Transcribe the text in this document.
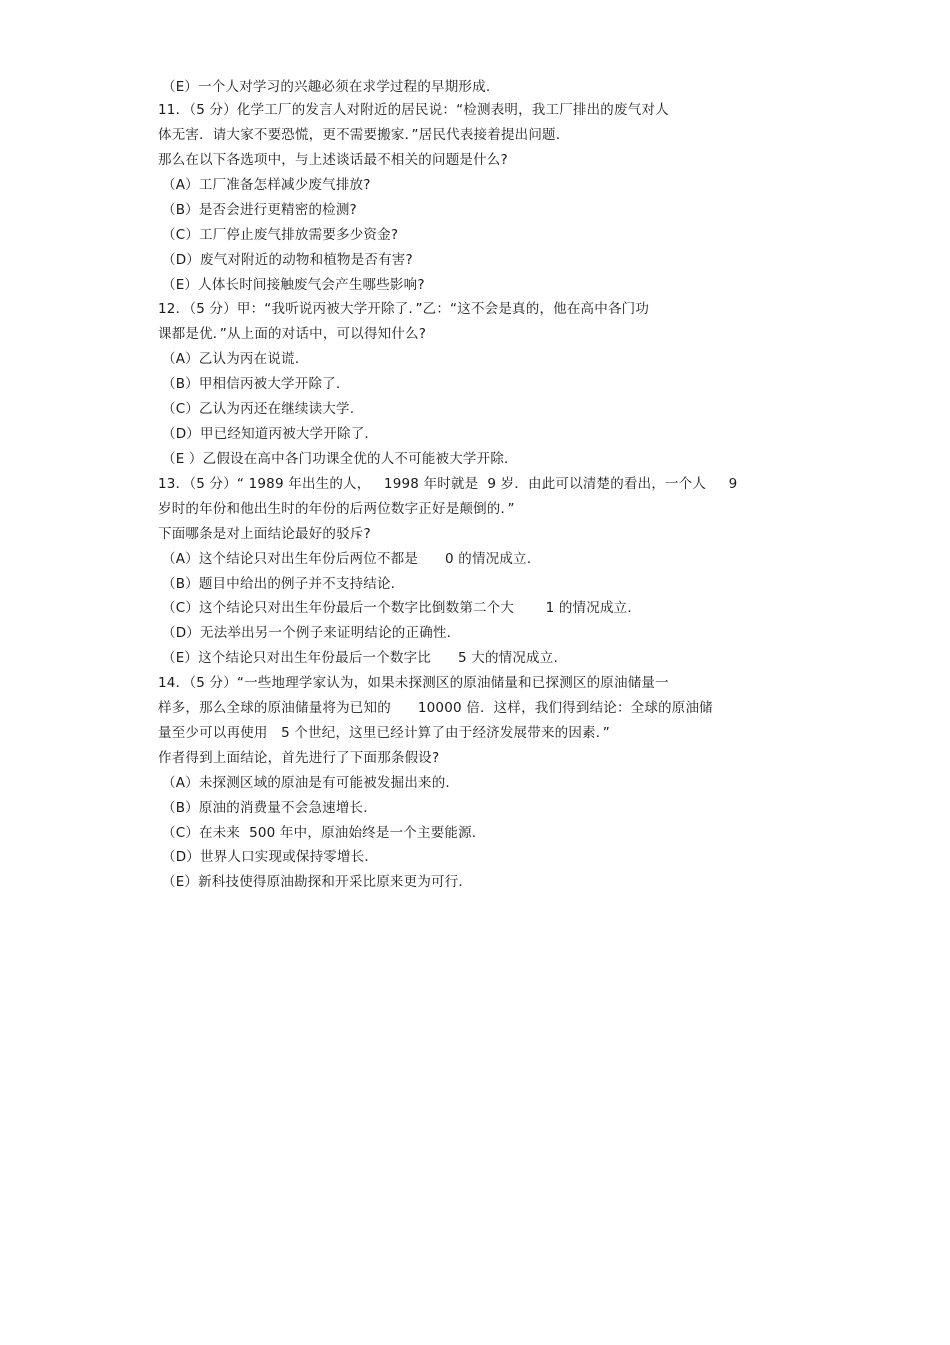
（E）一个人对学习的兴趣必须在求学过程的早期形成.
11．（5 分）化学工厂的发言人对附近的居民说：“检测表明，我工厂排出的废气对人
体无害．请大家不要恐慌，更不需要搬家．”居民代表接着提出问题.
那么在以下各选项中，与上述谈话最不相关的问题是什么?
（A）工厂准备怎样减少废气排放?
（B）是否会进行更精密的检测?
（C）工厂停止废气排放需要多少资金?
（D）废气对附近的动物和植物是否有害?
（E）人体长时间接触废气会产生哪些影响?
12．（5 分）甲：“我听说丙被大学开除了．”乙：“这不会是真的，他在高中各门功
课都是优．”从上面的对话中，可以得知什么?
（A）乙认为丙在说谎.
（B）甲相信丙被大学开除了.
（C）乙认为丙还在继续读大学.
（D）甲已经知道丙被大学开除了.
（E ）乙假设在高中各门功课全优的人不可能被大学开除.
13．（5 分）“ 1989 年出生的人，   1998 年时就是  9 岁．由此可以清楚的看出，一个人     9
岁时的年份和他出生时的年份的后两位数字正好是颠倒的．”
下面哪条是对上面结论最好的驳斥?
（A）这个结论只对出生年份后两位不都是      0 的情况成立.
（B）题目中给出的例子并不支持结论.
（C）这个结论只对出生年份最后一个数字比倒数第二个大       1 的情况成立.
（D）无法举出另一个例子来证明结论的正确性.
（E）这个结论只对出生年份最后一个数字比      5 大的情况成立.
14．（5 分）“一些地理学家认为，如果未探测区的原油储量和已探测区的原油储量一
样多，那么全球的原油储量将为已知的      10000 倍．这样，我们得到结论：全球的原油储
量至少可以再使用   5 个世纪，这里已经计算了由于经济发展带来的因素．”
作者得到上面结论，首先进行了下面那条假设?
（A）未探测区域的原油是有可能被发掘出来的.
（B）原油的消费量不会急速增长.
（C）在未来  500 年中，原油始终是一个主要能源.
（D）世界人口实现或保持零增长.
（E）新科技使得原油勘探和开采比原来更为可行.
